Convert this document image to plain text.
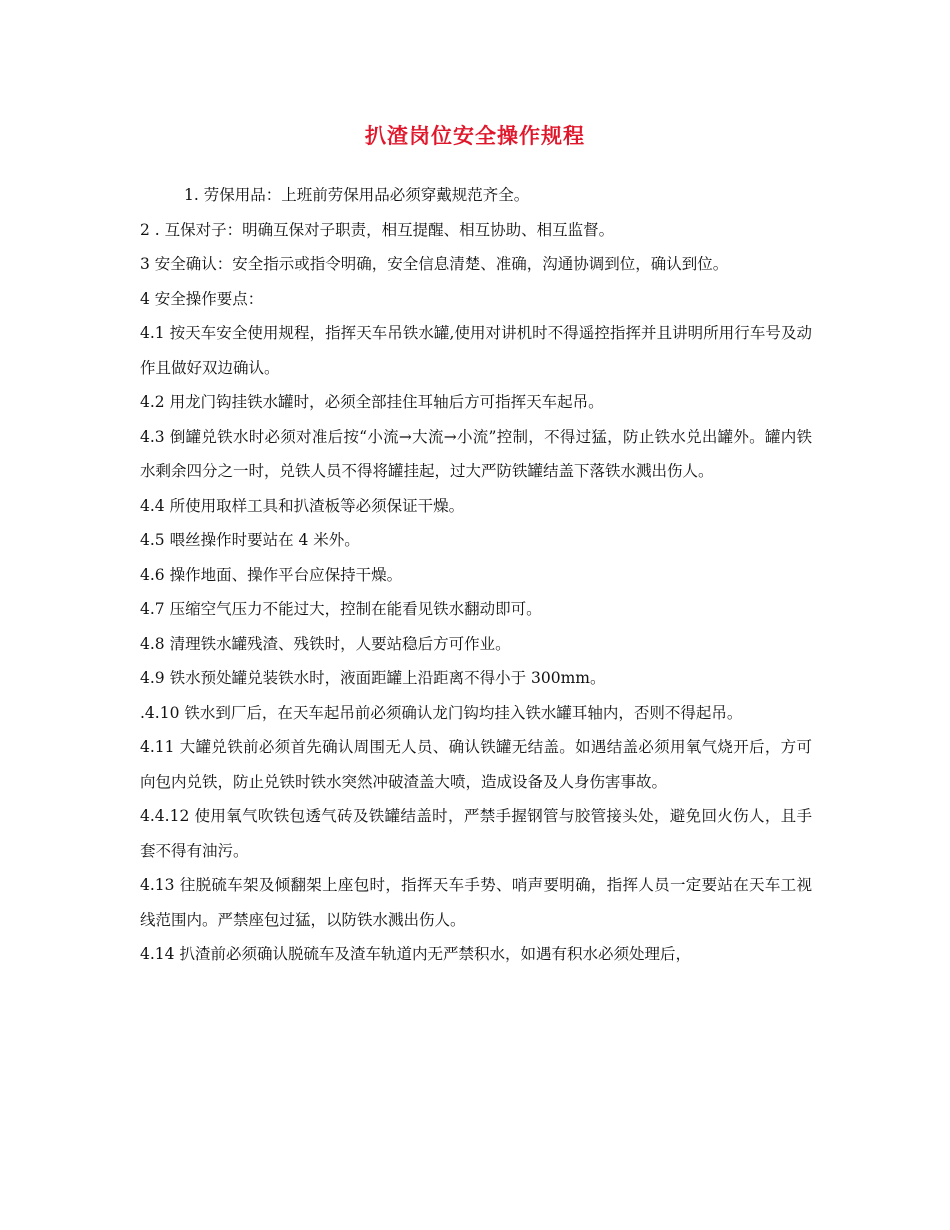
扒渣岗位安全操作规程

1. 劳保用品：上班前劳保用品必须穿戴规范齐全。

2 . 互保对子：明确互保对子职责，相互提醒、相互协助、相互监督。

3 安全确认：安全指示或指令明确，安全信息清楚、准确，沟通协调到位，确认到位。

4 安全操作要点：

4.1 按天车安全使用规程，指挥天车吊铁水罐,使用对讲机时不得遥控指挥并且讲明所用行车号及动作且做好双边确认。

4.2 用龙门钩挂铁水罐时，必须全部挂住耳轴后方可指挥天车起吊。

4.3 倒罐兑铁水时必须对准后按“小流→大流→小流”控制，不得过猛，防止铁水兑出罐外。罐内铁水剩余四分之一时，兑铁人员不得将罐挂起，过大严防铁罐结盖下落铁水溅出伤人。

4.4 所使用取样工具和扒渣板等必须保证干燥。

4.5 喂丝操作时要站在 4 米外。

4.6 操作地面、操作平台应保持干燥。

4.7 压缩空气压力不能过大，控制在能看见铁水翻动即可。

4.8 清理铁水罐残渣、残铁时，人要站稳后方可作业。

4.9 铁水预处罐兑装铁水时，液面距罐上沿距离不得小于 300mm。

.4.10 铁水到厂后，在天车起吊前必须确认龙门钩均挂入铁水罐耳轴内，否则不得起吊。

4.11 大罐兑铁前必须首先确认周围无人员、确认铁罐无结盖。如遇结盖必须用氧气烧开后，方可向包内兑铁，防止兑铁时铁水突然冲破渣盖大喷，造成设备及人身伤害事故。

4.4.12 使用氧气吹铁包透气砖及铁罐结盖时，严禁手握钢管与胶管接头处，避免回火伤人，且手套不得有油污。

4.13 往脱硫车架及倾翻架上座包时，指挥天车手势、哨声要明确，指挥人员一定要站在天车工视线范围内。严禁座包过猛，以防铁水溅出伤人。

4.14 扒渣前必须确认脱硫车及渣车轨道内无严禁积水，如遇有积水必须处理后，
